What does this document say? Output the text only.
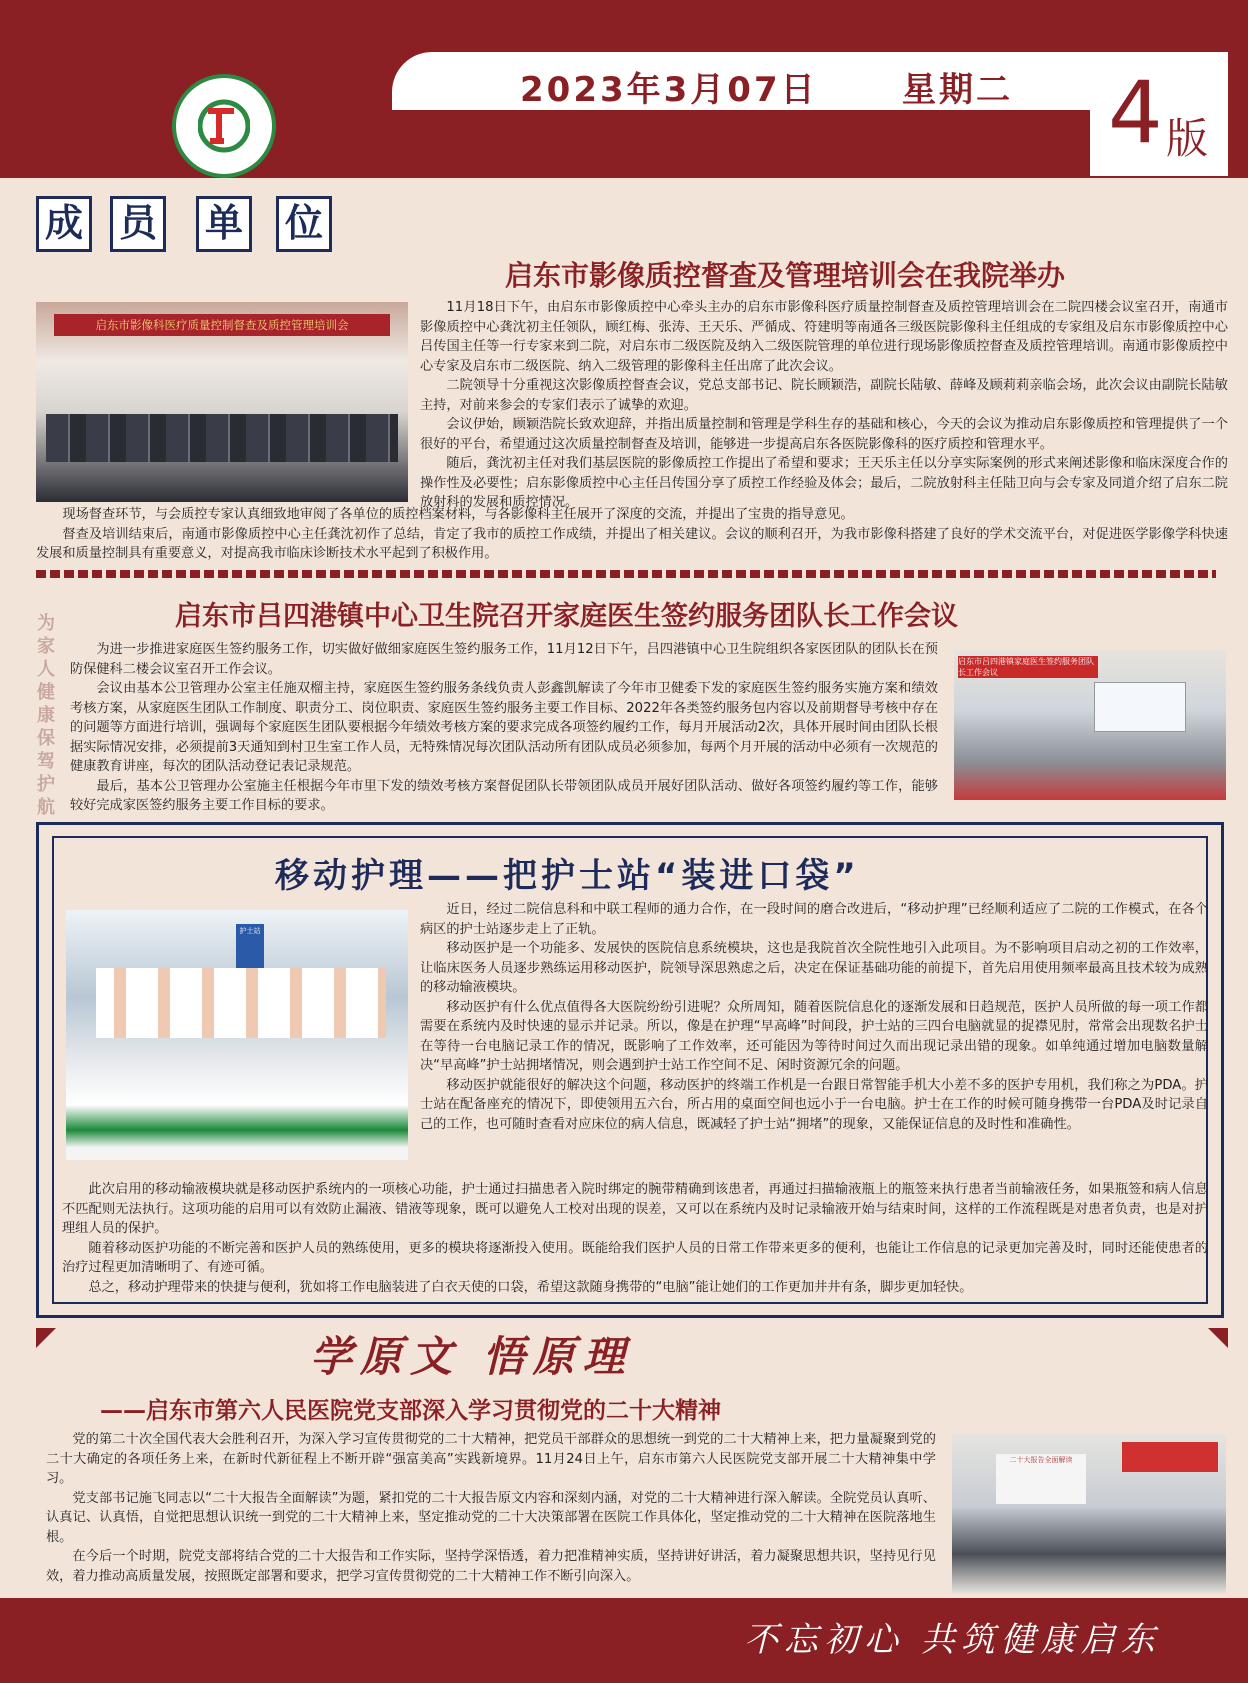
2023年3月07日 星期二 4 版
成 员 单 位
启东市影像质控督查及管理培训会在我院举办
启东市影像科医疗质量控制督查及质控管理培训会

11月18日下午，由启东市影像质控中心牵头主办的启东市影像科医疗质量控制督查及质控管理培训会在二院四楼会议室召开，南通市影像质控中心龚沈初主任领队，顾红梅、张涛、王天乐、严循成、符建明等南通各三级医院影像科主任组成的专家组及启东市影像质控中心吕传国主任等一行专家来到二院，对启东市二级医院及纳入二级医院管理的单位进行现场影像质控督查及质控管理培训。南通市影像质控中心专家及启东市二级医院、纳入二级管理的影像科主任出席了此次会议。

二院领导十分重视这次影像质控督查会议，党总支部书记、院长顾颖浩，副院长陆敏、薛峰及顾莉莉亲临会场，此次会议由副院长陆敏主持，对前来参会的专家们表示了诚挚的欢迎。

会议伊始，顾颖浩院长致欢迎辞，并指出质量控制和管理是学科生存的基础和核心，今天的会议为推动启东影像质控和管理提供了一个很好的平台，希望通过这次质量控制督查及培训，能够进一步提高启东各医院影像科的医疗质控和管理水平。

随后，龚沈初主任对我们基层医院的影像质控工作提出了希望和要求；王天乐主任以分享实际案例的形式来阐述影像和临床深度合作的操作性及必要性；启东影像质控中心主任吕传国分享了质控工作经验及体会；最后，二院放射科主任陆卫向与会专家及同道介绍了启东二院放射科的发展和质控情况。

现场督查环节，与会质控专家认真细致地审阅了各单位的质控档案材料，与各影像科主任展开了深度的交流，并提出了宝贵的指导意见。

督查及培训结束后，南通市影像质控中心主任龚沈初作了总结，肯定了我市的质控工作成绩，并提出了相关建议。会议的顺利召开，为我市影像科搭建了良好的学术交流平台，对促进医学影像学科快速发展和质量控制具有重要意义，对提高我市临床诊断技术水平起到了积极作用。

为
家
人
健
康
保
驾
护
航
启东市吕四港镇中心卫生院召开家庭医生签约服务团队长工作会议

为进一步推进家庭医生签约服务工作，切实做好做细家庭医生签约服务工作，11月12日下午，吕四港镇中心卫生院组织各家医团队的团队长在预防保健科二楼会议室召开工作会议。

会议由基本公卫管理办公室主任施双榴主持，家庭医生签约服务条线负责人彭鑫凯解读了今年市卫健委下发的家庭医生签约服务实施方案和绩效考核方案，从家庭医生团队工作制度、职责分工、岗位职责、家庭医生签约服务主要工作目标、2022年各类签约服务包内容以及前期督导考核中存在的问题等方面进行培训，强调每个家庭医生团队要根据今年绩效考核方案的要求完成各项签约履约工作，每月开展活动2次，具体开展时间由团队长根据实际情况安排，必须提前3天通知到村卫生室工作人员，无特殊情况每次团队活动所有团队成员必须参加，每两个月开展的活动中必须有一次规范的健康教育讲座，每次的团队活动登记表记录规范。

最后，基本公卫管理办公室施主任根据今年市里下发的绩效考核方案督促团队长带领团队成员开展好团队活动、做好各项签约履约等工作，能够较好完成家医签约服务主要工作目标的要求。

启东市吕四港镇家庭医生签约服务团队长工作会议
移动护理——把护士站“装进口袋”
护士站

近日，经过二院信息科和中联工程师的通力合作，在一段时间的磨合改进后，“移动护理”已经顺利适应了二院的工作模式，在各个病区的护士站逐步走上了正轨。

移动医护是一个功能多、发展快的医院信息系统模块，这也是我院首次全院性地引入此项目。为不影响项目启动之初的工作效率，让临床医务人员逐步熟练运用移动医护，院领导深思熟虑之后，决定在保证基础功能的前提下，首先启用使用频率最高且技术较为成熟的移动输液模块。

移动医护有什么优点值得各大医院纷纷引进呢？众所周知，随着医院信息化的逐渐发展和日趋规范，医护人员所做的每一项工作都需要在系统内及时快速的显示并记录。所以，像是在护理“早高峰”时间段，护士站的三四台电脑就显的捉襟见肘，常常会出现数名护士在等待一台电脑记录工作的情况，既影响了工作效率，还可能因为等待时间过久而出现记录出错的现象。如单纯通过增加电脑数量解决“早高峰”护士站拥堵情况，则会遇到护士站工作空间不足、闲时资源冗余的问题。

移动医护就能很好的解决这个问题，移动医护的终端工作机是一台跟日常智能手机大小差不多的医护专用机，我们称之为PDA。护士站在配备座充的情况下，即使领用五六台，所占用的桌面空间也远小于一台电脑。护士在工作的时候可随身携带一台PDA及时记录自己的工作，也可随时查看对应床位的病人信息，既减轻了护士站“拥堵”的现象，又能保证信息的及时性和准确性。

此次启用的移动输液模块就是移动医护系统内的一项核心功能，护士通过扫描患者入院时绑定的腕带精确到该患者，再通过扫描输液瓶上的瓶签来执行患者当前输液任务，如果瓶签和病人信息不匹配则无法执行。这项功能的启用可以有效防止漏液、错液等现象，既可以避免人工校对出现的误差，又可以在系统内及时记录输液开始与结束时间，这样的工作流程既是对患者负责，也是对护理组人员的保护。

随着移动医护功能的不断完善和医护人员的熟练使用，更多的模块将逐渐投入使用。既能给我们医护人员的日常工作带来更多的便利，也能让工作信息的记录更加完善及时，同时还能使患者的治疗过程更加清晰明了、有迹可循。

总之，移动护理带来的快捷与便利，犹如将工作电脑装进了白衣天使的口袋，希望这款随身携带的“电脑”能让她们的工作更加井井有条，脚步更加轻快。

学原文 悟原理
——启东市第六人民医院党支部深入学习贯彻党的二十大精神

党的第二十次全国代表大会胜利召开，为深入学习宣传贯彻党的二十大精神，把党员干部群众的思想统一到党的二十大精神上来，把力量凝聚到党的二十大确定的各项任务上来，在新时代新征程上不断开辟“强富美高”实践新境界。11月24日上午，启东市第六人民医院党支部开展二十大精神集中学习。

党支部书记施飞同志以“二十大报告全面解读”为题，紧扣党的二十大报告原文内容和深刻内涵，对党的二十大精神进行深入解读。全院党员认真听、认真记、认真悟，自觉把思想认识统一到党的二十大精神上来，坚定推动党的二十大决策部署在医院工作具体化，坚定推动党的二十大精神在医院落地生根。

在今后一个时期，院党支部将结合党的二十大报告和工作实际，坚持学深悟透，着力把准精神实质，坚持讲好讲活，着力凝聚思想共识，坚持见行见效，着力推动高质量发展，按照既定部署和要求，把学习宣传贯彻党的二十大精神工作不断引向深入。

二十大报告全面解读
不忘初心 共筑健康启东
